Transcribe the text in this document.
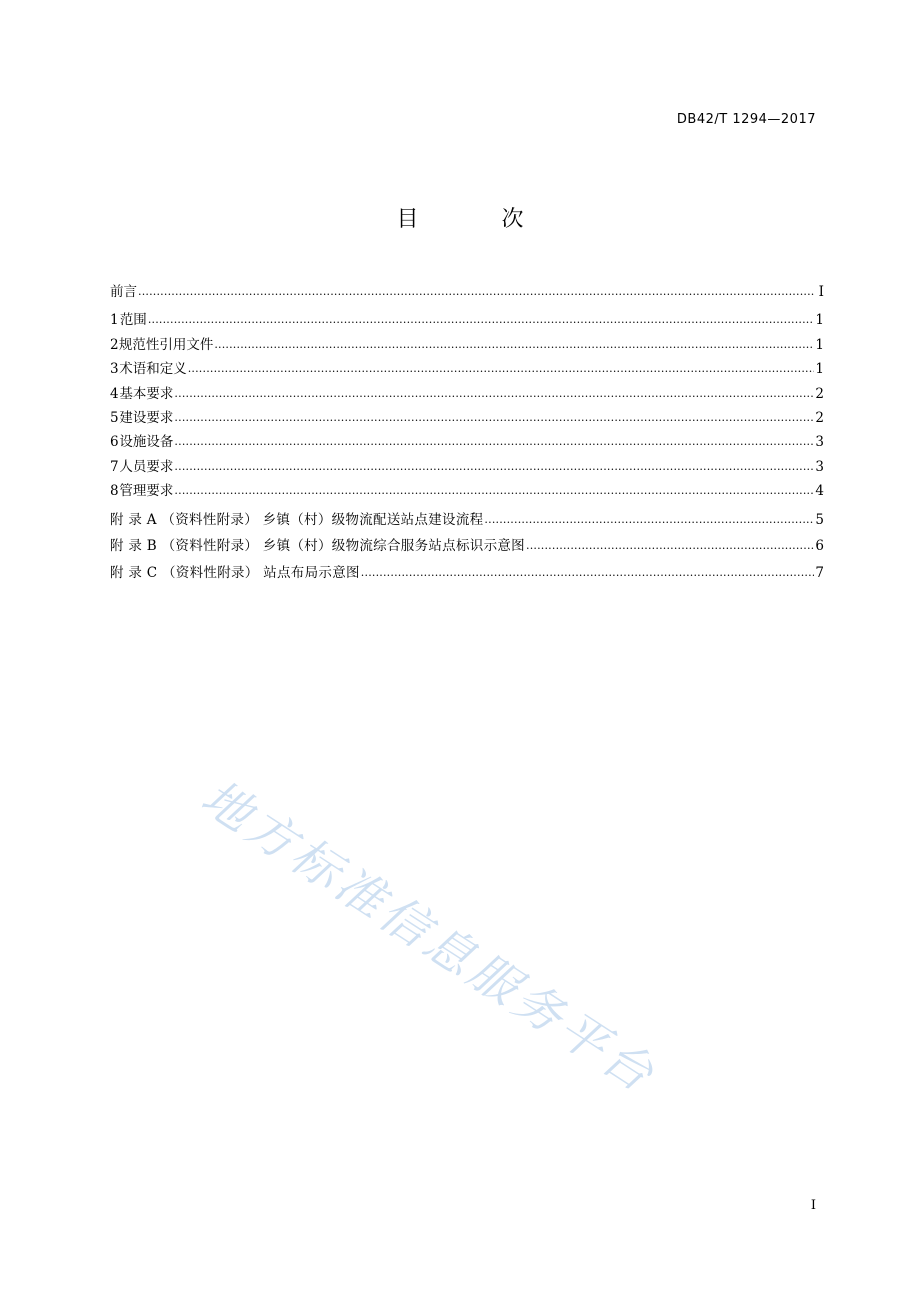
DB42/T 1294—2017
目 次
前言 .....	I
1 范围 .....	1
2 规范性引用文件 .....	1
3 术语和定义 .....	1
4 基本要求 .....	2
5 建设要求 .....	2
6 设施设备 .....	3
7 人员要求 .....	3
8 管理要求 .....	4
附 录 A （资料性附录） 乡镇（村）级物流配送站点建设流程 .....	5
附 录 B （资料性附录） 乡镇（村）级物流综合服务站点标识示意图 .....	6
附 录 C （资料性附录） 站点布局示意图 .....	7
地方标准信息服务平台
I
